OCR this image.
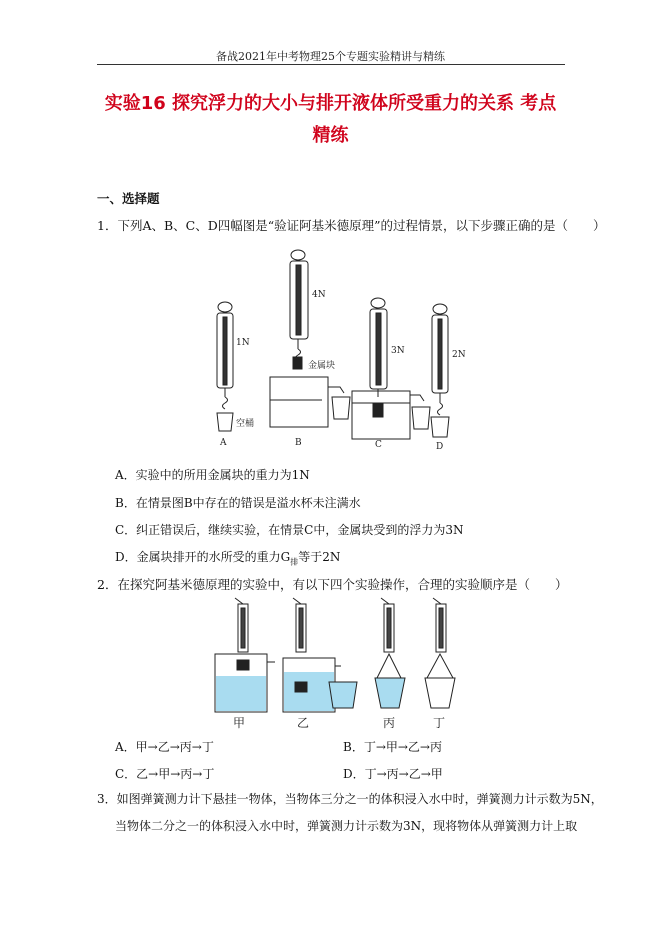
备战2021年中考物理25个专题实验精讲与精练
实验16 探究浮力的大小与排开液体所受重力的关系 考点
精练
一、选择题
1．下列A、B、C、D四幅图是“验证阿基米德原理”的过程情景，以下步骤正确的是（　　）
1N
4N
3N	2N
空桶
金属块
A	B	C	D
A．实验中的所用金属块的重力为1N
B．在情景图B中存在的错误是溢水杯未注满水
C．纠正错误后，继续实验，在情景C中，金属块受到的浮力为3N
D．金属块排开的水所受的重力$G_排$等于2N
2．在探究阿基米德原理的实验中，有以下四个实验操作，合理的实验顺序是（　　）
甲	乙	丙	丁
A．甲→乙→丙→丁	B．丁→甲→乙→丙
C．乙→甲→丙→丁	D．丁→丙→乙→甲
3．如图弹簧测力计下悬挂一物体，当物体三分之一的体积浸入水中时，弹簧测力计示数为5N，
当物体二分之一的体积浸入水中时，弹簧测力计示数为3N，现将物体从弹簧测力计上取
